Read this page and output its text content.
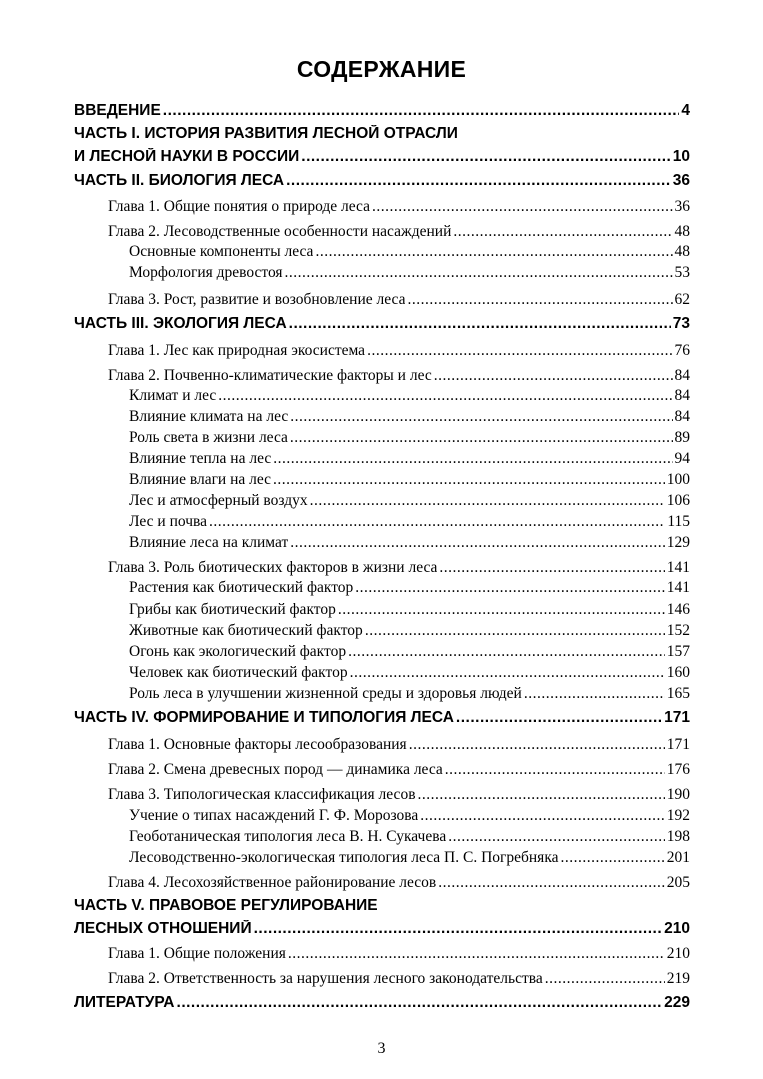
СОДЕРЖАНИЕ
ВВЕДЕНИЕ .....	4
ЧАСТЬ I. ИСТОРИЯ РАЗВИТИЯ ЛЕСНОЙ ОТРАСЛИ
И ЛЕСНОЙ НАУКИ В РОССИИ .....	10
ЧАСТЬ II. БИОЛОГИЯ ЛЕСА .....	36
Глава 1. Общие понятия о природе леса .....	36
Глава 2. Лесоводственные особенности насаждений .....	48
Основные компоненты леса .....	48
Морфология древостоя .....	53
Глава 3. Рост, развитие и возобновление леса .....	62
ЧАСТЬ III. ЭКОЛОГИЯ ЛЕСА .....	73
Глава 1. Лес как природная экосистема .....	76
Глава 2. Почвенно-климатические факторы и лес .....	84
Климат и лес .....	84
Влияние климата на лес .....	84
Роль света в жизни леса .....	89
Влияние тепла на лес .....	94
Влияние влаги на лес .....	100
Лес и атмосферный воздух .....	106
Лес и почва .....	115
Влияние леса на климат .....	129
Глава 3. Роль биотических факторов в жизни леса .....	141
Растения как биотический фактор .....	141
Грибы как биотический фактор .....	146
Животные как биотический фактор .....	152
Огонь как экологический фактор .....	157
Человек как биотический фактор .....	160
Роль леса в улучшении жизненной среды и здоровья людей .....	165
ЧАСТЬ IV. ФОРМИРОВАНИЕ И ТИПОЛОГИЯ ЛЕСА .....	171
Глава 1. Основные факторы лесообразования .....	171
Глава 2. Смена древесных пород — динамика леса .....	176
Глава 3. Типологическая классификация лесов .....	190
Учение о типах насаждений Г. Ф. Морозова .....	192
Геоботаническая типология леса В. Н. Сукачева .....	198
Лесоводственно-экологическая типология леса П. С. Погребняка .....	201
Глава 4. Лесохозяйственное районирование лесов .....	205
ЧАСТЬ V. ПРАВОВОЕ РЕГУЛИРОВАНИЕ
ЛЕСНЫХ ОТНОШЕНИЙ .....	210
Глава 1. Общие положения .....	210
Глава 2. Ответственность за нарушения лесного законодательства .....	219
ЛИТЕРАТУРА .....	229
3
